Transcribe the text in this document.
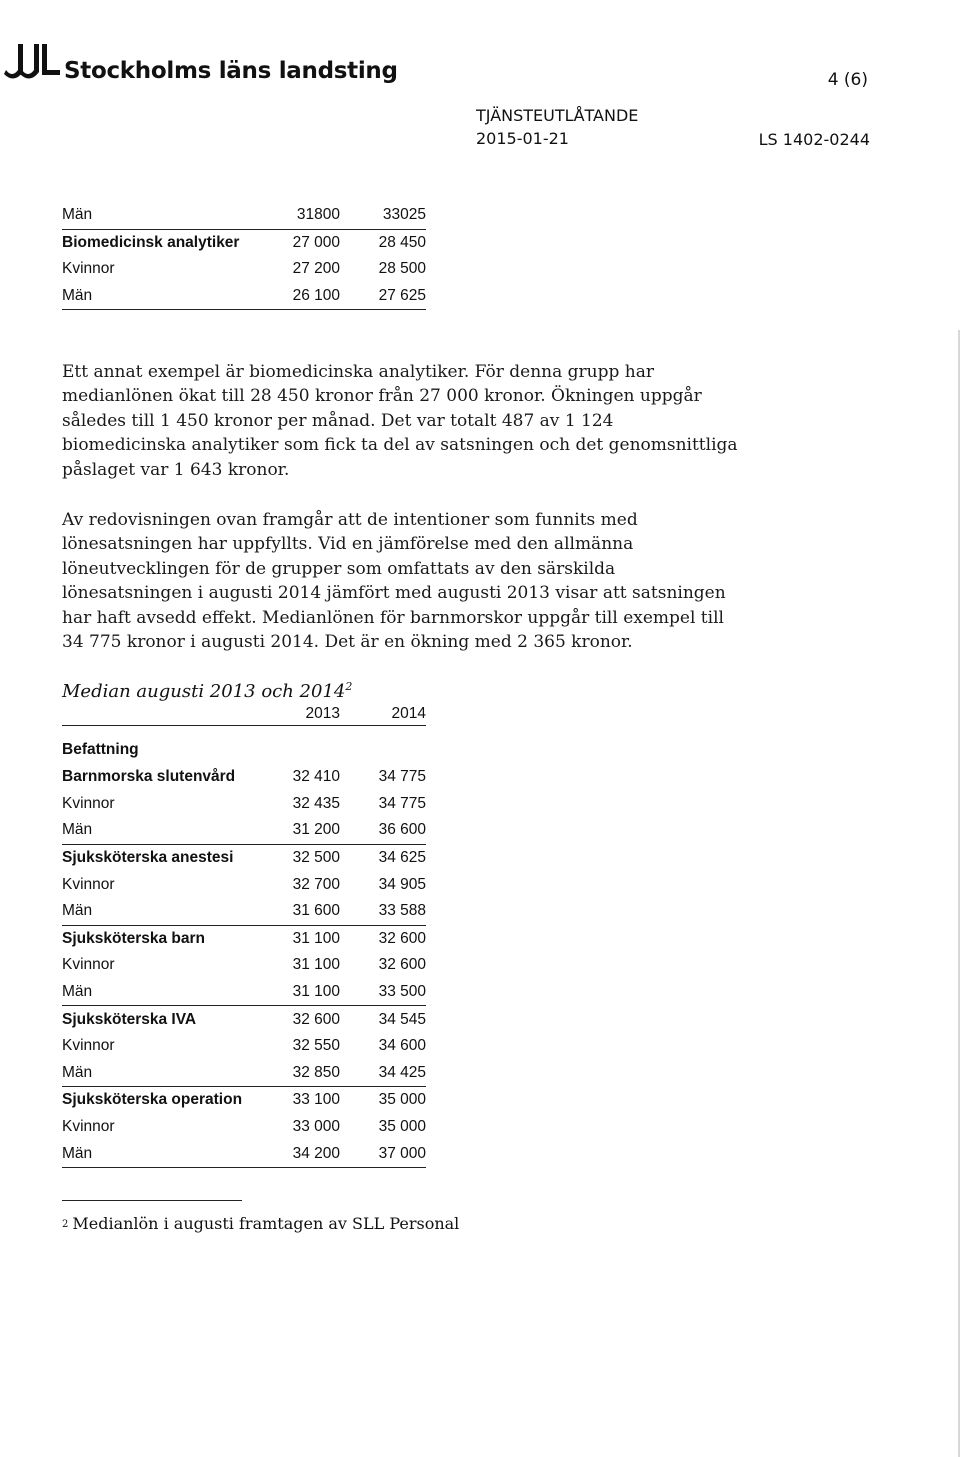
Stockholms läns landsting	4 (6)
TJÄNSTEUTLÅTANDE
2015-01-21	LS 1402-0244
Män	31800	33025
Biomedicinsk analytiker	27 000	28 450
Kvinnor	27 200	28 500
Män	26 100	27 625

Ett annat exempel är biomedicinska analytiker. För denna grupp har medianlönen ökat till 28 450 kronor från 27 000 kronor. Ökningen uppgår således till 1 450 kronor per månad. Det var totalt 487 av 1 124 biomedicinska analytiker som fick ta del av satsningen och det genomsnittliga påslaget var 1 643 kronor.

Av redovisningen ovan framgår att de intentioner som funnits med lönesatsningen har uppfyllts. Vid en jämförelse med den allmänna löneutvecklingen för de grupper som omfattats av den särskilda lönesatsningen i augusti 2014 jämfört med augusti 2013 visar att satsningen har haft avsedd effekt. Medianlönen för barnmorskor uppgår till exempel till 34 775 kronor i augusti 2014. Det är en ökning med 2 365 kronor.

Median augusti 2013 och 2014$^2$
	2013	2014
Befattning		
Barnmorska slutenvård	32 410	34 775
Kvinnor	32 435	34 775
Män	31 200	36 600
Sjuksköterska anestesi	32 500	34 625
Kvinnor	32 700	34 905
Män	31 600	33 588
Sjuksköterska barn	31 100	32 600
Kvinnor	31 100	32 600
Män	31 100	33 500
Sjuksköterska IVA	32 600	34 545
Kvinnor	32 550	34 600
Män	32 850	34 425
Sjuksköterska operation	33 100	35 000
Kvinnor	33 000	35 000
Män	34 200	37 000
$^2$ Medianlön i augusti framtagen av SLL Personal
